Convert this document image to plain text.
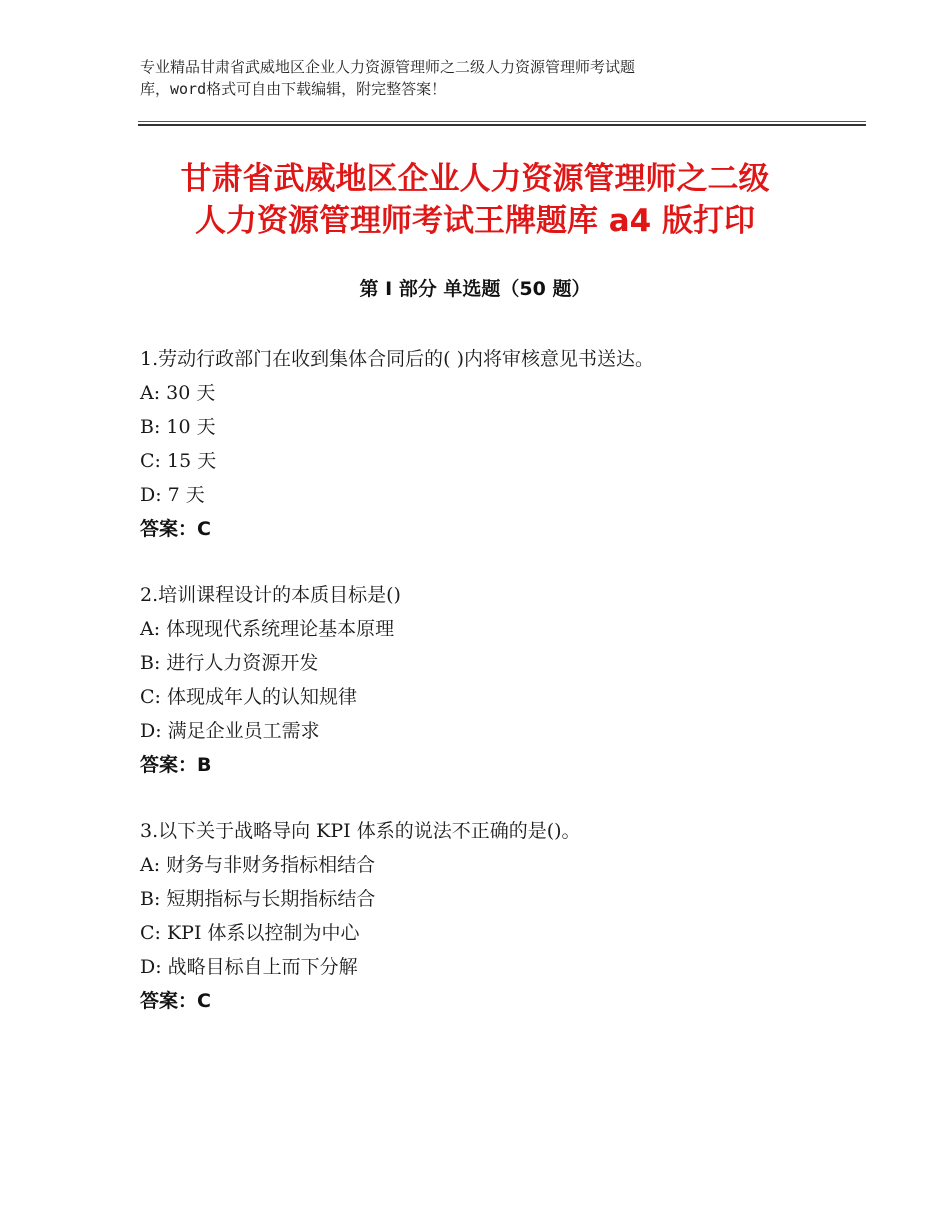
专业精品甘肃省武威地区企业人力资源管理师之二级人力资源管理师考试题
库，word格式可自由下载编辑，附完整答案！
甘肃省武威地区企业人力资源管理师之二级
人力资源管理师考试王牌题库 a4 版打印
第 I 部分 单选题（50 题）
1.劳动行政部门在收到集体合同后的( )内将审核意见书送达。
A: 30 天
B: 10 天
C: 15 天
D: 7 天
答案：C
2.培训课程设计的本质目标是()
A: 体现现代系统理论基本原理
B: 进行人力资源开发
C: 体现成年人的认知规律
D: 满足企业员工需求
答案：B
3.以下关于战略导向 KPI 体系的说法不正确的是()。
A: 财务与非财务指标相结合
B: 短期指标与长期指标结合
C: KPI 体系以控制为中心
D: 战略目标自上而下分解
答案：C
